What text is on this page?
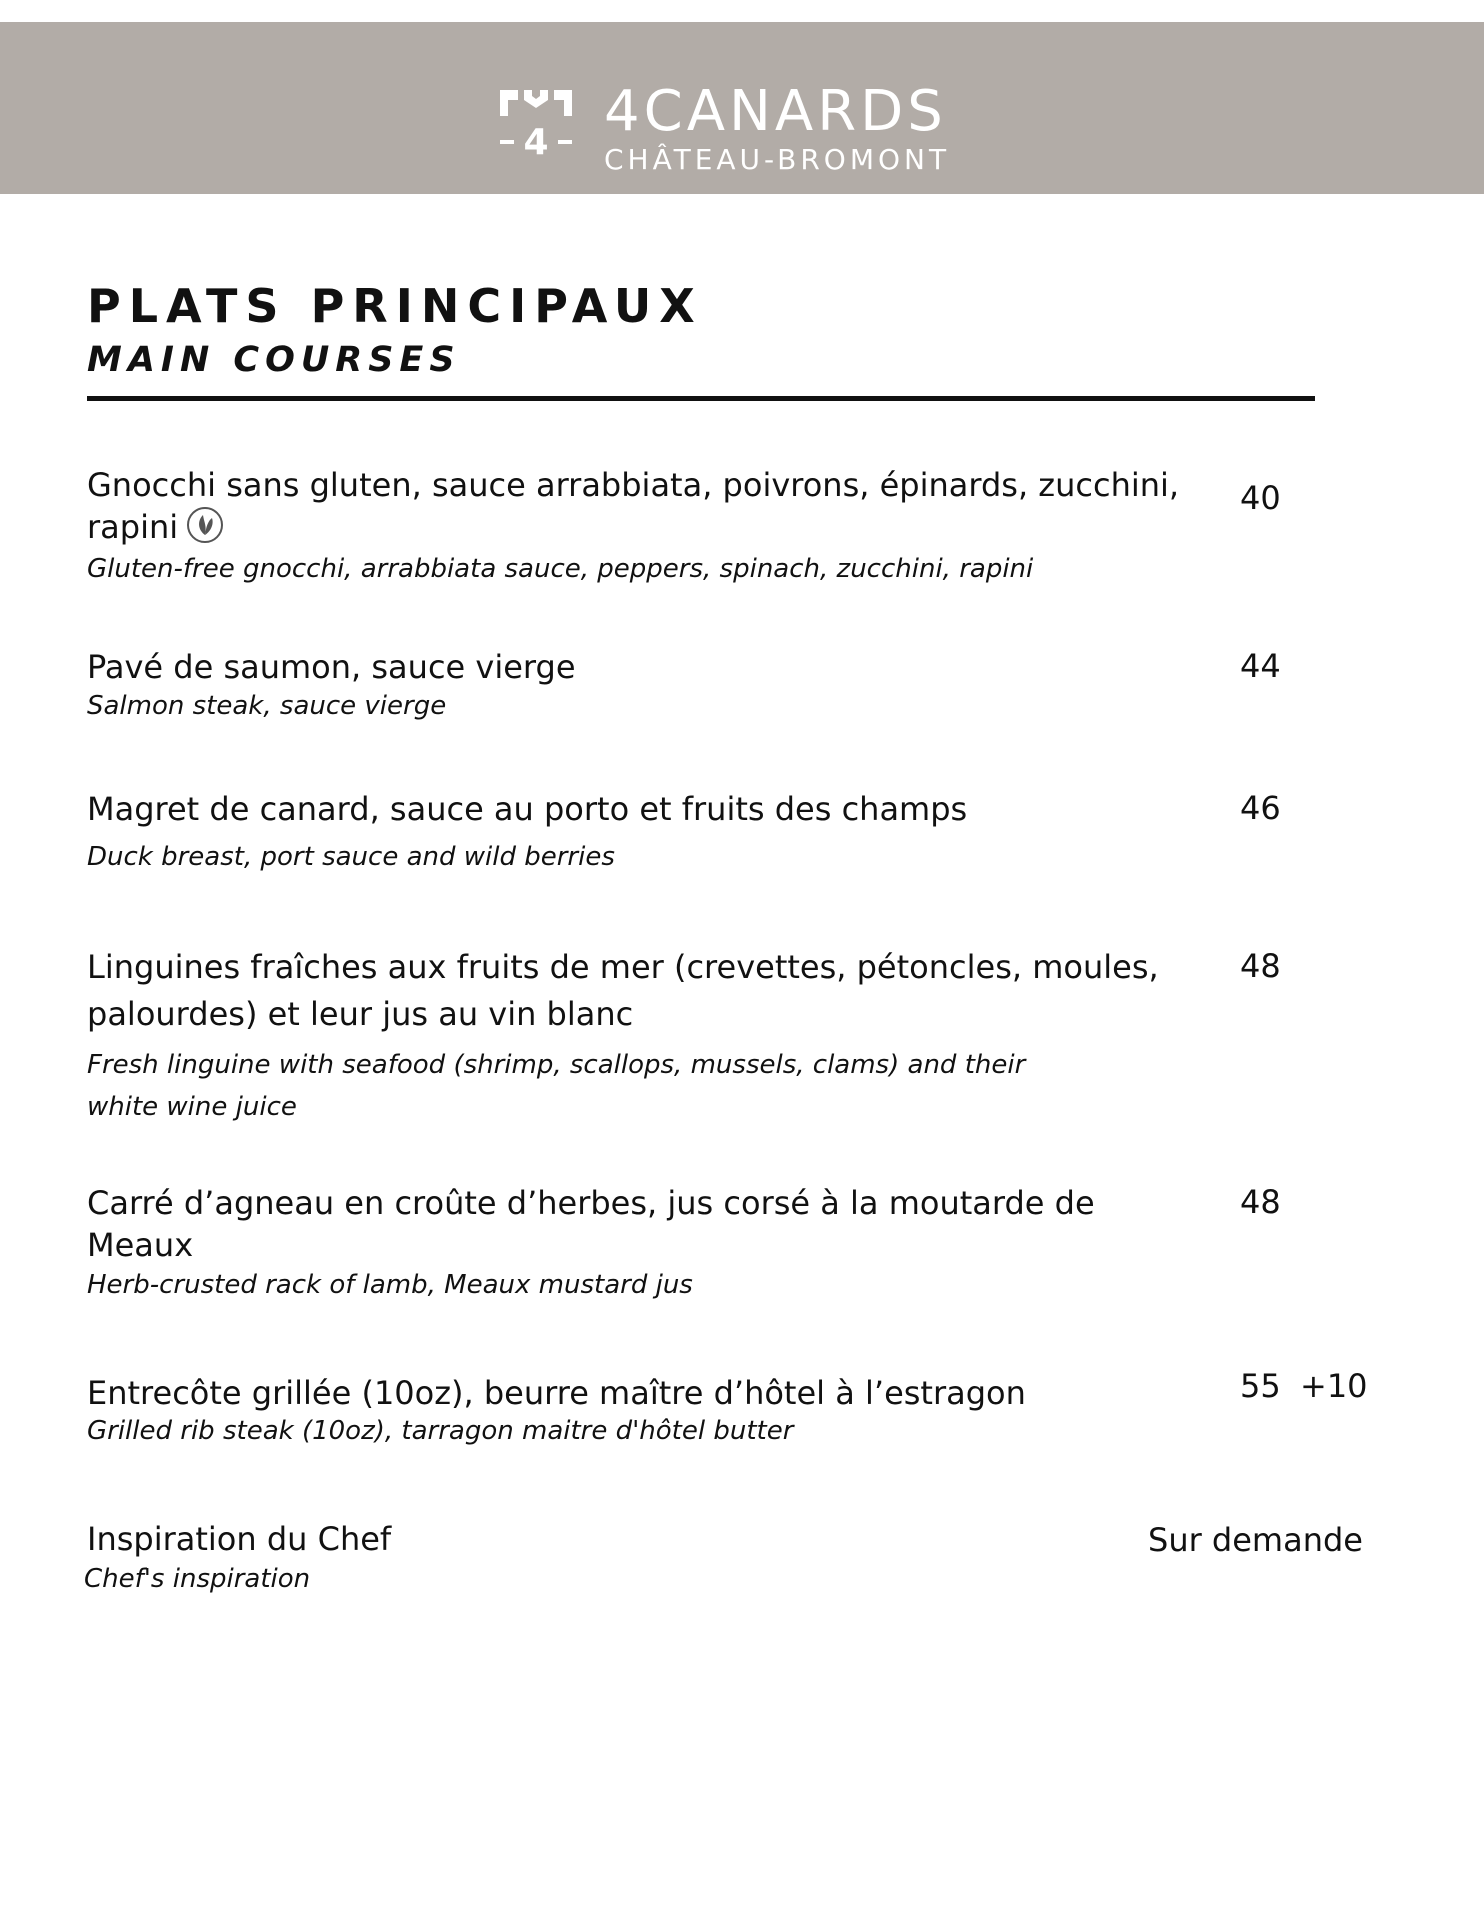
4 4CANARDS
CHÂTEAU-BROMONT
PLATS PRINCIPAUX
MAIN COURSES
Gnocchi sans gluten, sauce arrabbiata, poivrons, épinards, zucchini, rapini
Gluten-free gnocchi, arrabbiata sauce, peppers, spinach, zucchini, rapini
40
Pavé de saumon, sauce vierge
Salmon steak, sauce vierge
44
Magret de canard, sauce au porto et fruits des champs
Duck breast, port sauce and wild berries
46
Linguines fraîches aux fruits de mer (crevettes, pétoncles, moules, palourdes) et leur jus au vin blanc
Fresh linguine with seafood (shrimp, scallops, mussels, clams) and their white wine juice
48
Carré d’agneau en croûte d’herbes, jus corsé à la moutarde de Meaux
Herb-crusted rack of lamb, Meaux mustard jus
48
Entrecôte grillée (10oz), beurre maître d’hôtel à l’estragon
Grilled rib steak (10oz), tarragon maitre d'hôtel butter
55 +10
Inspiration du Chef
Chef's inspiration
Sur demande
